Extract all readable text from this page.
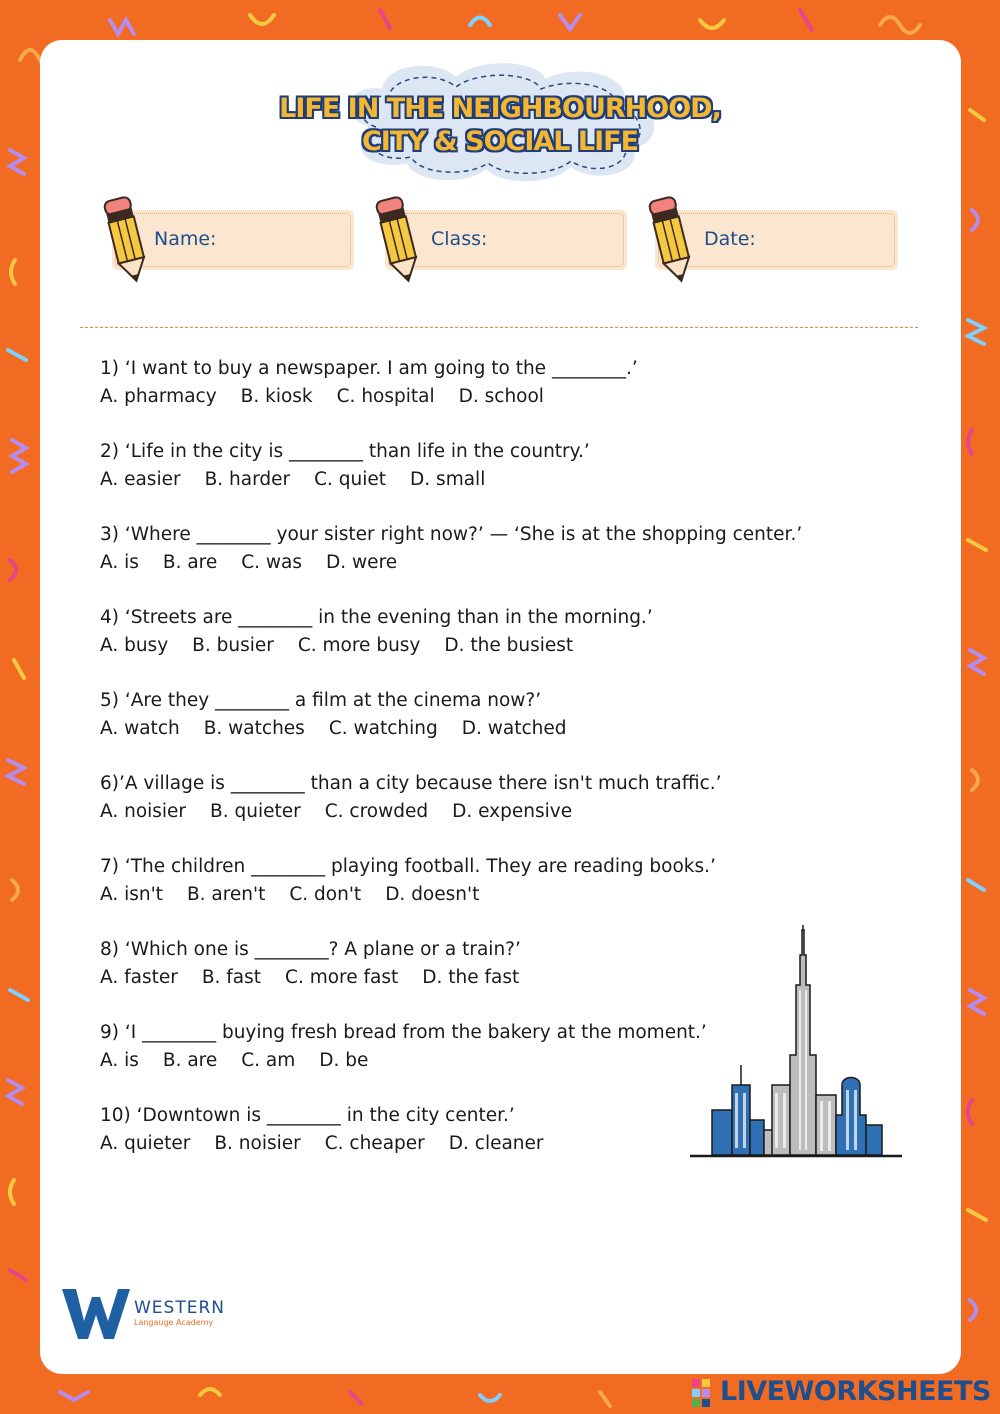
LIFE IN THE NEIGHBOURHOOD,
CITY & SOCIAL LIFE
Name:	Class:	Date:
1) ‘I want to buy a newspaper. I am going to the ________.’
A. pharmacy B. kiosk C. hospital D. school
2) ‘Life in the city is ________ than life in the country.’
A. easier B. harder C. quiet D. small
3) ‘Where ________ your sister right now?’ — ‘She is at the shopping center.’
A. is B. are C. was D. were
4) ‘Streets are ________ in the evening than in the morning.’
A. busy B. busier C. more busy D. the busiest
5) ‘Are they ________ a film at the cinema now?’
A. watch B. watches C. watching D. watched
6)’A village is ________ than a city because there isn't much traffic.’
A. noisier B. quieter C. crowded D. expensive
7) ‘The children ________ playing football. They are reading books.’
A. isn't B. aren't C. don't D. doesn't
8) ‘Which one is ________? A plane or a train?’
A. faster B. fast C. more fast D. the fast
9) ‘I ________ buying fresh bread from the bakery at the moment.’
A. is B. are C. am D. be
10) ‘Downtown is ________ in the city center.’
A. quieter B. noisier C. cheaper D. cleaner
WESTERN
Langauge Academy
LIVEWORKSHEETS
